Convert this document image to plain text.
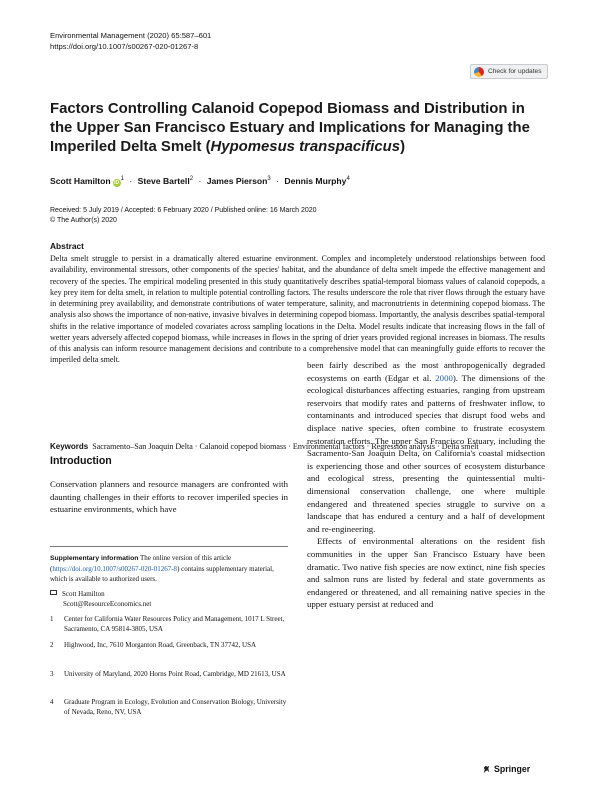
Environmental Management (2020) 65:587–601
https://doi.org/10.1007/s00267-020-01267-8
Check for updates
Factors Controlling Calanoid Copepod Biomass and Distribution in
the Upper San Francisco Estuary and Implications for Managing the
Imperiled Delta Smelt (Hypomesus transpacificus)
Scott Hamilton $iD^1$ · Steve Bartell$^2$ · James Pierson$^3$ · Dennis Murphy$^4$
Received: 5 July 2019 / Accepted: 6 February 2020 / Published online: 16 March 2020
© The Author(s) 2020
Abstract
Delta smelt struggle to persist in a dramatically altered estuarine environment. Complex and incompletely understood relationships between food availability, environmental stressors, other components of the species' habitat, and the abundance of delta smelt impede the effective management and recovery of the species. The empirical modeling presented in this study quantitatively describes spatial-temporal biomass values of calanoid copepods, a key prey item for delta smelt, in relation to multiple potential controlling factors. The results underscore the role that river flows through the estuary have in determining prey availability, and demonstrate contributions of water temperature, salinity, and macronutrients in determining copepod biomass. The analysis also shows the importance of non-native, invasive bivalves in determining copepod biomass. Importantly, the analysis describes spatial-temporal shifts in the relative importance of modeled covariates across sampling locations in the Delta. Model results indicate that increasing flows in the fall of wetter years adversely affected copepod biomass, while increases in flows in the spring of drier years provided regional increases in biomass. The results of this analysis can inform resource management decisions and contribute to a comprehensive model that can meaningfully guide efforts to recover the imperiled delta smelt.
Keywords Sacramento–San Joaquin Delta · Calanoid copepod biomass · Environmental factors · Regression analysis · Delta smelt
Introduction
Conservation planners and resource managers are confronted with daunting challenges in their efforts to recover imperiled species in estuarine environments, which have

been fairly described as the most anthropogenically degraded ecosystems on earth (Edgar et al. 2000). The dimensions of the ecological disturbances affecting estuaries, ranging from upstream reservoirs that modify rates and patterns of freshwater inflow, to contaminants and introduced species that disrupt food webs and displace native species, often combine to frustrate ecosystem restoration efforts. The upper San Francisco Estuary, including the Sacramento-San Joaquin Delta, on California's coastal midsection is experiencing those and other sources of ecosystem disturbance and ecological stress, presenting the quintessential multi-dimensional conservation challenge, one where multiple endangered and threatened species struggle to survive on a landscape that has endured a century and a half of development and re-engineering.

Effects of environmental alterations on the resident fish communities in the upper San Francisco Estuary have been dramatic. Two native fish species are now extinct, nine fish species and salmon runs are listed by federal and state governments as endangered or threatened, and all remaining native species in the upper estuary persist at reduced and

Supplementary information The online version of this article (https://doi.org/10.1007/s00267-020-01267-8) contains supplementary material, which is available to authorized users.
Scott Hamilton
Scott@ResourceEconomics.net
1	Center for California Water Resources Policy and Management, 1017 L Street, Sacramento, CA 95814-3805, USA
2	Highwood, Inc, 7610 Morganton Road, Greenback, TN 37742, USA
3	University of Maryland, 2020 Horns Point Road, Cambridge, MD 21613, USA
4	Graduate Program in Ecology, Evolution and Conservation Biology, University of Nevada, Reno, NV, USA
Springer
